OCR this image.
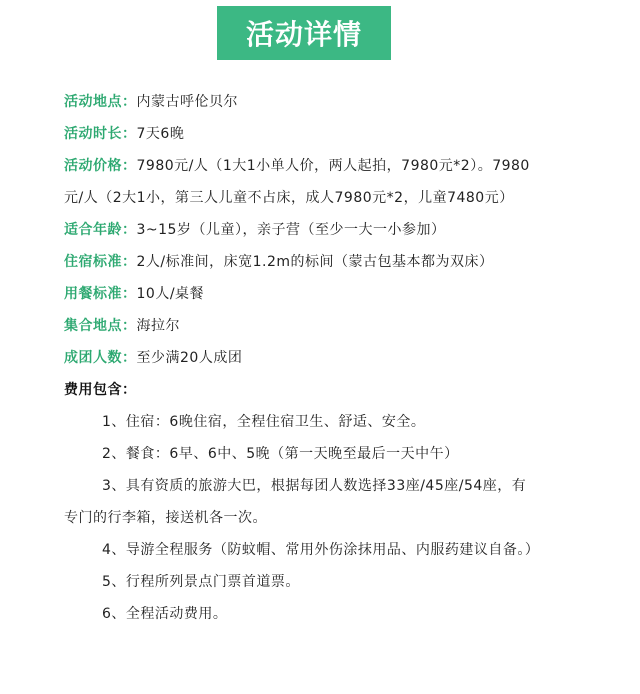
活动详情

活动地点：内蒙古呼伦贝尔

活动时长：7天6晚

活动价格：7980元/人（1大1小单人价，两人起拍，7980元*2）。7980元/人（2大1小，第三人儿童不占床，成人7980元*2，儿童7480元）

适合年龄：3~15岁（儿童），亲子营（至少一大一小参加）

住宿标准：2人/标准间，床宽1.2m的标间（蒙古包基本都为双床）

用餐标准：10人/桌餐

集合地点：海拉尔

成团人数：至少满20人成团

费用包含：

1、住宿：6晚住宿，全程住宿卫生、舒适、安全。

2、餐食：6早、6中、5晚（第一天晚至最后一天中午）

3、具有资质的旅游大巴，根据每团人数选择33座/45座/54座，有专门的行李箱，接送机各一次。

4、导游全程服务（防蚊帽、常用外伤涂抹用品、内服药建议自备。）

5、行程所列景点门票首道票。

6、全程活动费用。
